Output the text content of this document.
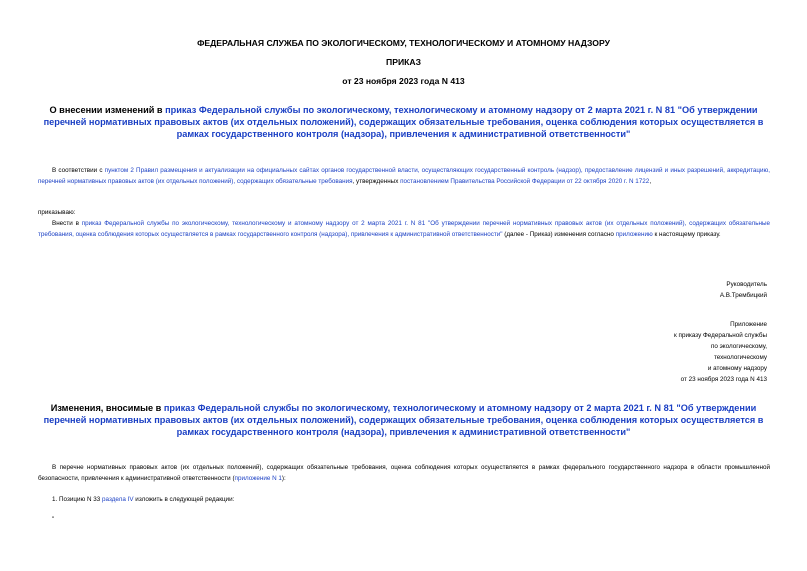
ФЕДЕРАЛЬНАЯ СЛУЖБА ПО ЭКОЛОГИЧЕСКОМУ, ТЕХНОЛОГИЧЕСКОМУ И АТОМНОМУ НАДЗОРУ
ПРИКАЗ
от 23 ноября 2023 года N 413
О внесении изменений в приказ Федеральной службы по экологическому, технологическому и атомному надзору от 2 марта 2021 г. N 81 "Об утверждении перечней нормативных правовых актов (их отдельных положений), содержащих обязательные требования, оценка соблюдения которых осуществляется в рамках государственного контроля (надзора), привлечения к административной ответственности"
В соответствии с пунктом 2 Правил размещения и актуализации на официальных сайтах органов государственной власти, осуществляющих государственный контроль (надзор), предоставление лицензий и иных разрешений, аккредитацию, перечней нормативных правовых актов (их отдельных положений), содержащих обязательные требования, утвержденных постановлением Правительства Российской Федерации от 22 октября 2020 г. N 1722,
приказываю:
Внести в приказ Федеральной службы по экологическому, технологическому и атомному надзору от 2 марта 2021 г. N 81 "Об утверждении перечней нормативных правовых актов (их отдельных положений), содержащих обязательные требования, оценка соблюдения которых осуществляется в рамках государственного контроля (надзора), привлечения к административной ответственности" (далее - Приказ) изменения согласно приложению к настоящему приказу.
Руководитель
А.В.Трембицкий
Приложение
к приказу Федеральной службы
по экологическому,
технологическому
и атомному надзору
от 23 ноября 2023 года N 413
Изменения, вносимые в приказ Федеральной службы по экологическому, технологическому и атомному надзору от 2 марта 2021 г. N 81 "Об утверждении перечней нормативных правовых актов (их отдельных положений), содержащих обязательные требования, оценка соблюдения которых осуществляется в рамках государственного контроля (надзора), привлечения к административной ответственности"
В перечне нормативных правовых актов (их отдельных положений), содержащих обязательные требования, оценка соблюдения которых осуществляется в рамках федерального государственного надзора в области промышленной безопасности, привлечения к административной ответственности (приложение N 1):
1. Позицию N 33 раздела IV изложить в следующей редакции:
"
